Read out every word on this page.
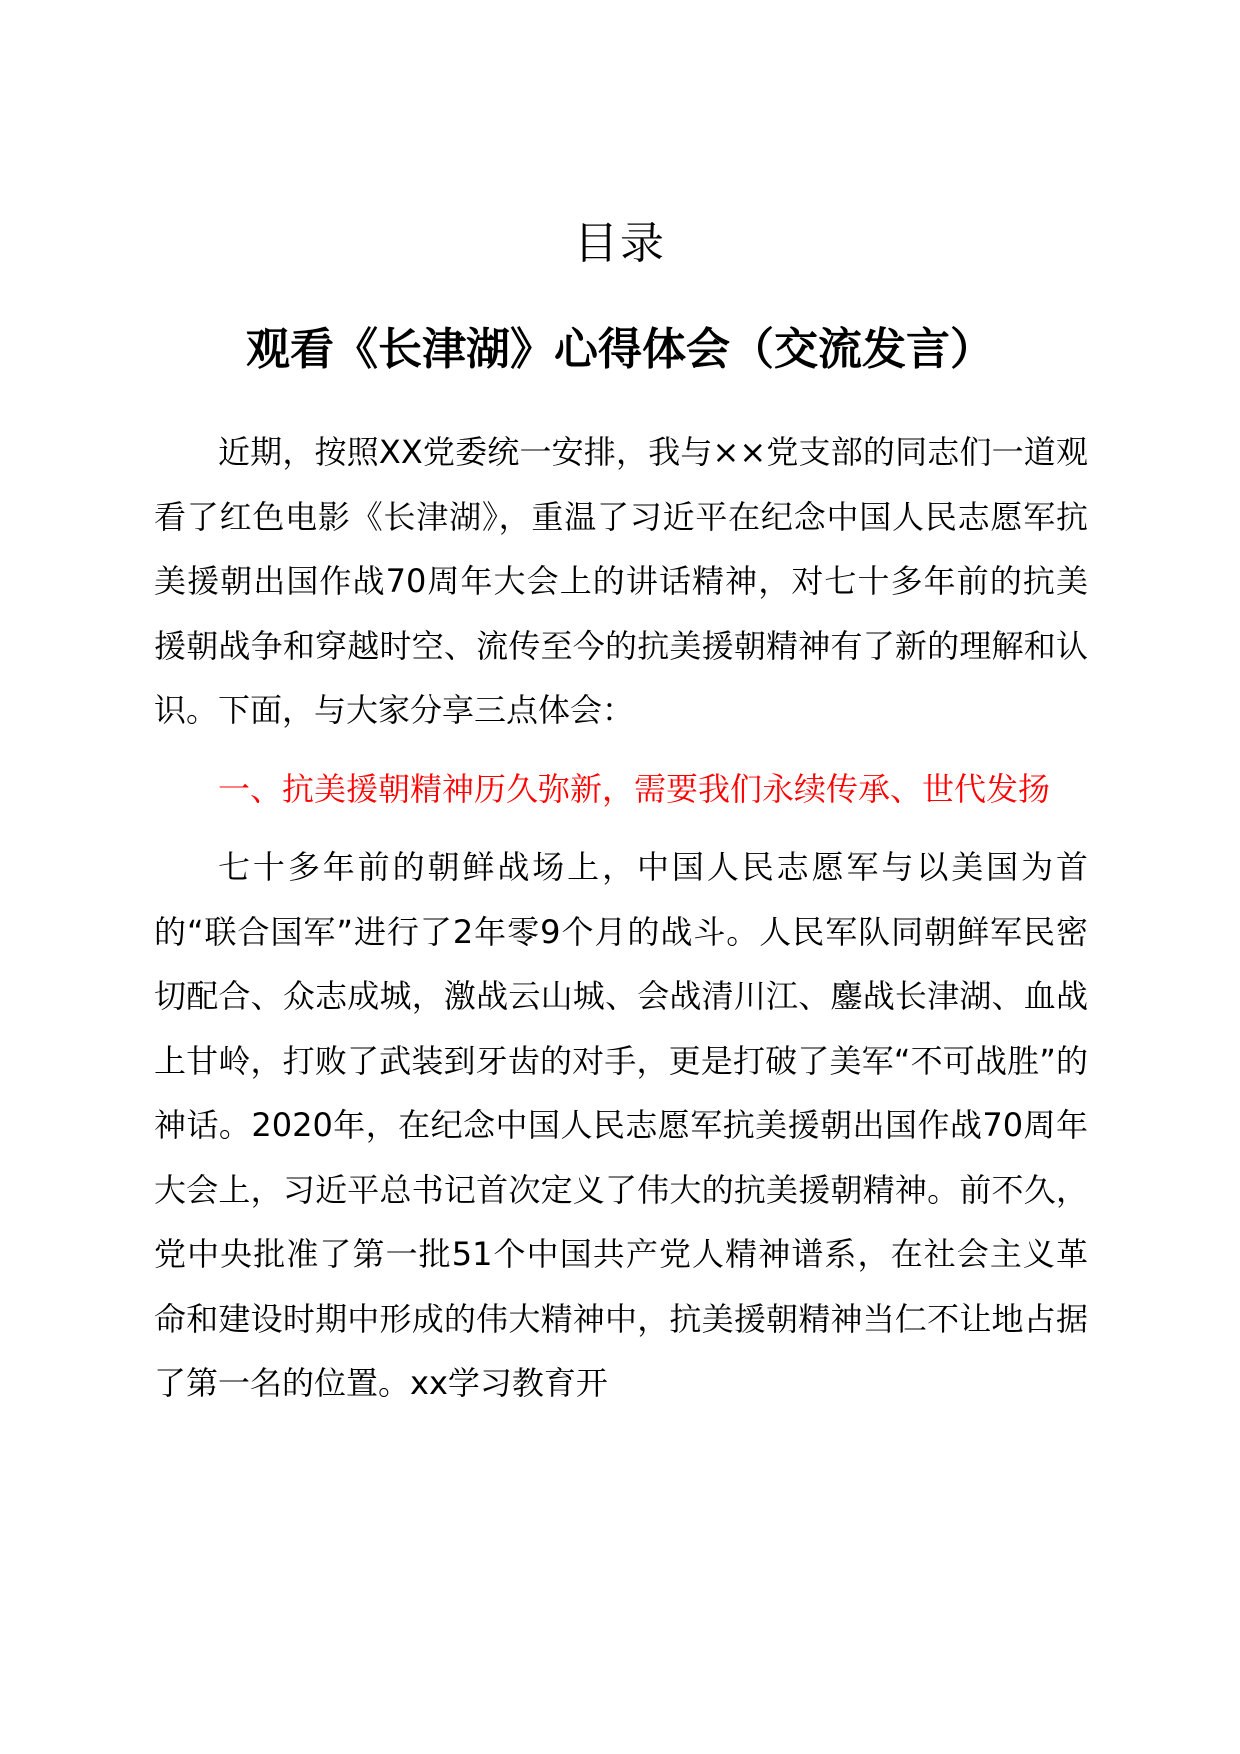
目录
观看《长津湖》心得体会（交流发言）

近期，按照XX党委统一安排，我与××党支部的同志们一道观看了红色电影《长津湖》，重温了习近平在纪念中国人民志愿军抗美援朝出国作战70周年大会上的讲话精神，对七十多年前的抗美援朝战争和穿越时空、流传至今的抗美援朝精神有了新的理解和认识。下面，与大家分享三点体会：

一、抗美援朝精神历久弥新，需要我们永续传承、世代发扬

七十多年前的朝鲜战场上，中国人民志愿军与以美国为首的“联合国军”进行了2年零9个月的战斗。人民军队同朝鲜军民密切配合、众志成城，激战云山城、会战清川江、鏖战长津湖、血战上甘岭，打败了武装到牙齿的对手，更是打破了美军“不可战胜”的神话。2020年，在纪念中国人民志愿军抗美援朝出国作战70周年大会上，习近平总书记首次定义了伟大的抗美援朝精神。前不久，党中央批准了第一批51个中国共产党人精神谱系，在社会主义革命和建设时期中形成的伟大精神中，抗美援朝精神当仁不让地占据了第一名的位置。xx学习教育开
